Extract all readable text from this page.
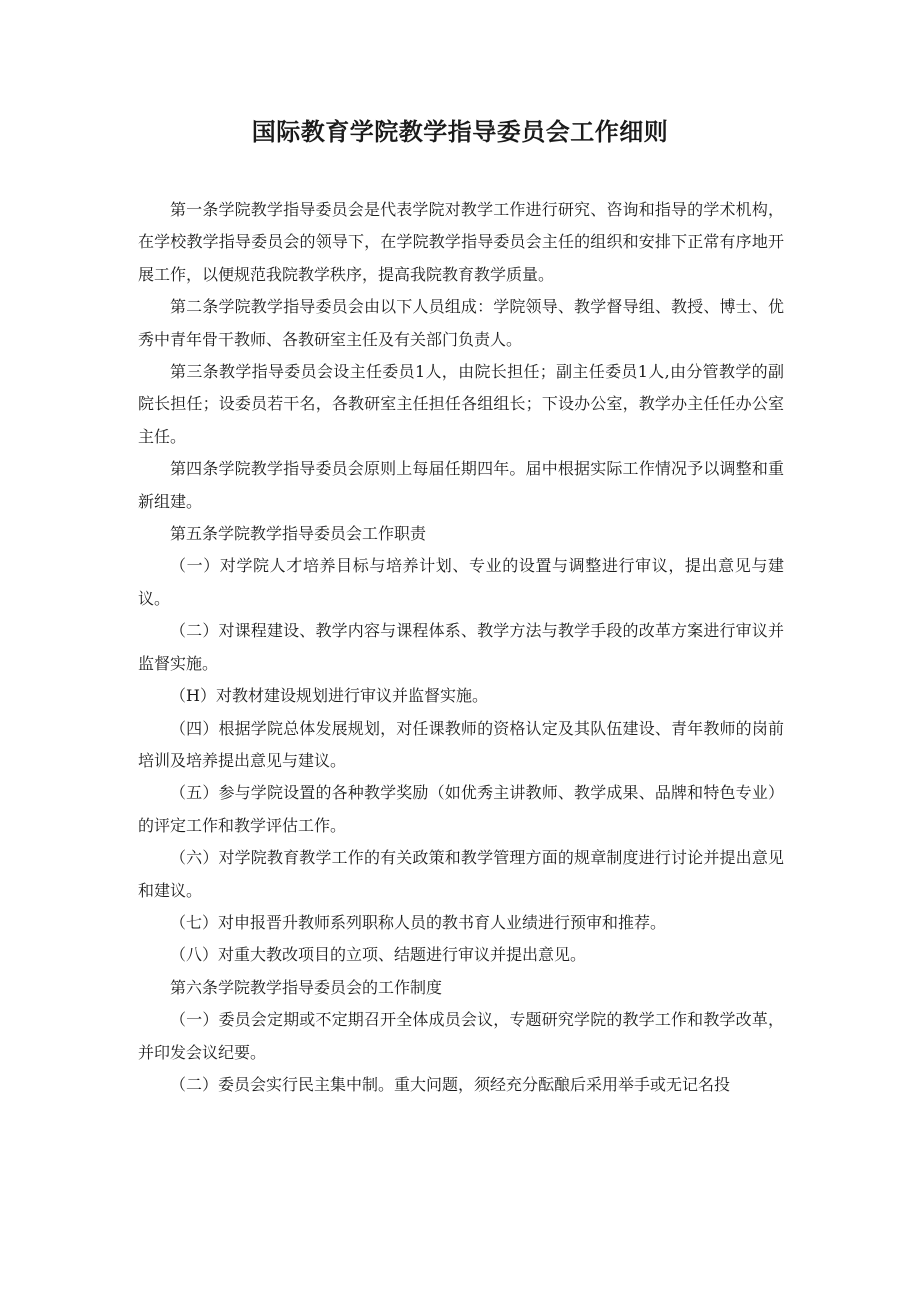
国际教育学院教学指导委员会工作细则

第一条学院教学指导委员会是代表学院对教学工作进行研究、咨询和指导的学术机构，在学校教学指导委员会的领导下，在学院教学指导委员会主任的组织和安排下正常有序地开展工作，以便规范我院教学秩序，提高我院教育教学质量。

第二条学院教学指导委员会由以下人员组成：学院领导、教学督导组、教授、博士、优秀中青年骨干教师、各教研室主任及有关部门负责人。

第三条教学指导委员会设主任委员1人，由院长担任；副主任委员1人,由分管教学的副院长担任；设委员若干名，各教研室主任担任各组组长；下设办公室，教学办主任任办公室主任。

第四条学院教学指导委员会原则上每届任期四年。届中根据实际工作情况予以调整和重新组建。

第五条学院教学指导委员会工作职责

（一）对学院人才培养目标与培养计划、专业的设置与调整进行审议，提出意见与建议。

（二）对课程建设、教学内容与课程体系、教学方法与教学手段的改革方案进行审议并监督实施。

（H）对教材建设规划进行审议并监督实施。

（四）根据学院总体发展规划，对任课教师的资格认定及其队伍建设、青年教师的岗前培训及培养提出意见与建议。

（五）参与学院设置的各种教学奖励（如优秀主讲教师、教学成果、品牌和特色专业）的评定工作和教学评估工作。

（六）对学院教育教学工作的有关政策和教学管理方面的规章制度进行讨论并提出意见和建议。

（七）对申报晋升教师系列职称人员的教书育人业绩进行预审和推荐。

（八）对重大教改项目的立项、结题进行审议并提出意见。

第六条学院教学指导委员会的工作制度

（一）委员会定期或不定期召开全体成员会议，专题研究学院的教学工作和教学改革，并印发会议纪要。

（二）委员会实行民主集中制。重大问题，须经充分酝酿后采用举手或无记名投
